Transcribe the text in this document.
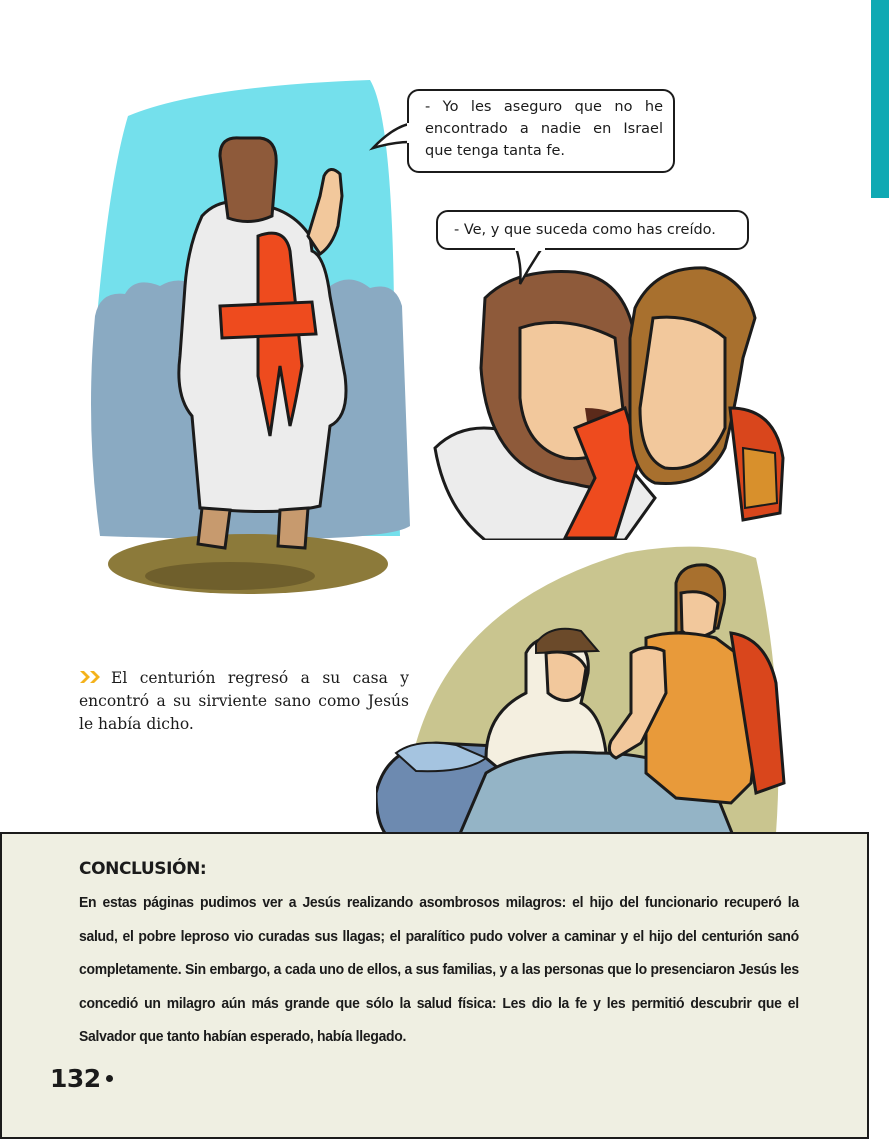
- Yo les aseguro que no he encontrado a nadie en Israel que tenga tanta fe.
- Ve, y que suceda como has creído.
El centurión regresó a su casa y encontró a su sirviente sano como Jesús le había dicho.
CONCLUSIÓN:
En estas páginas pudimos ver a Jesús realizando asombrosos milagros: el hijo del funcionario recuperó la salud, el pobre leproso vio curadas sus llagas; el paralítico pudo volver a caminar y el hijo del centurión sanó completamente. Sin embargo, a cada uno de ellos, a sus familias, y a las personas que lo presenciaron Jesús les concedió un milagro aún más grande que sólo la salud física: Les dio la fe y les permitió descubrir que el Salvador que tanto habían esperado, había llegado.
132
